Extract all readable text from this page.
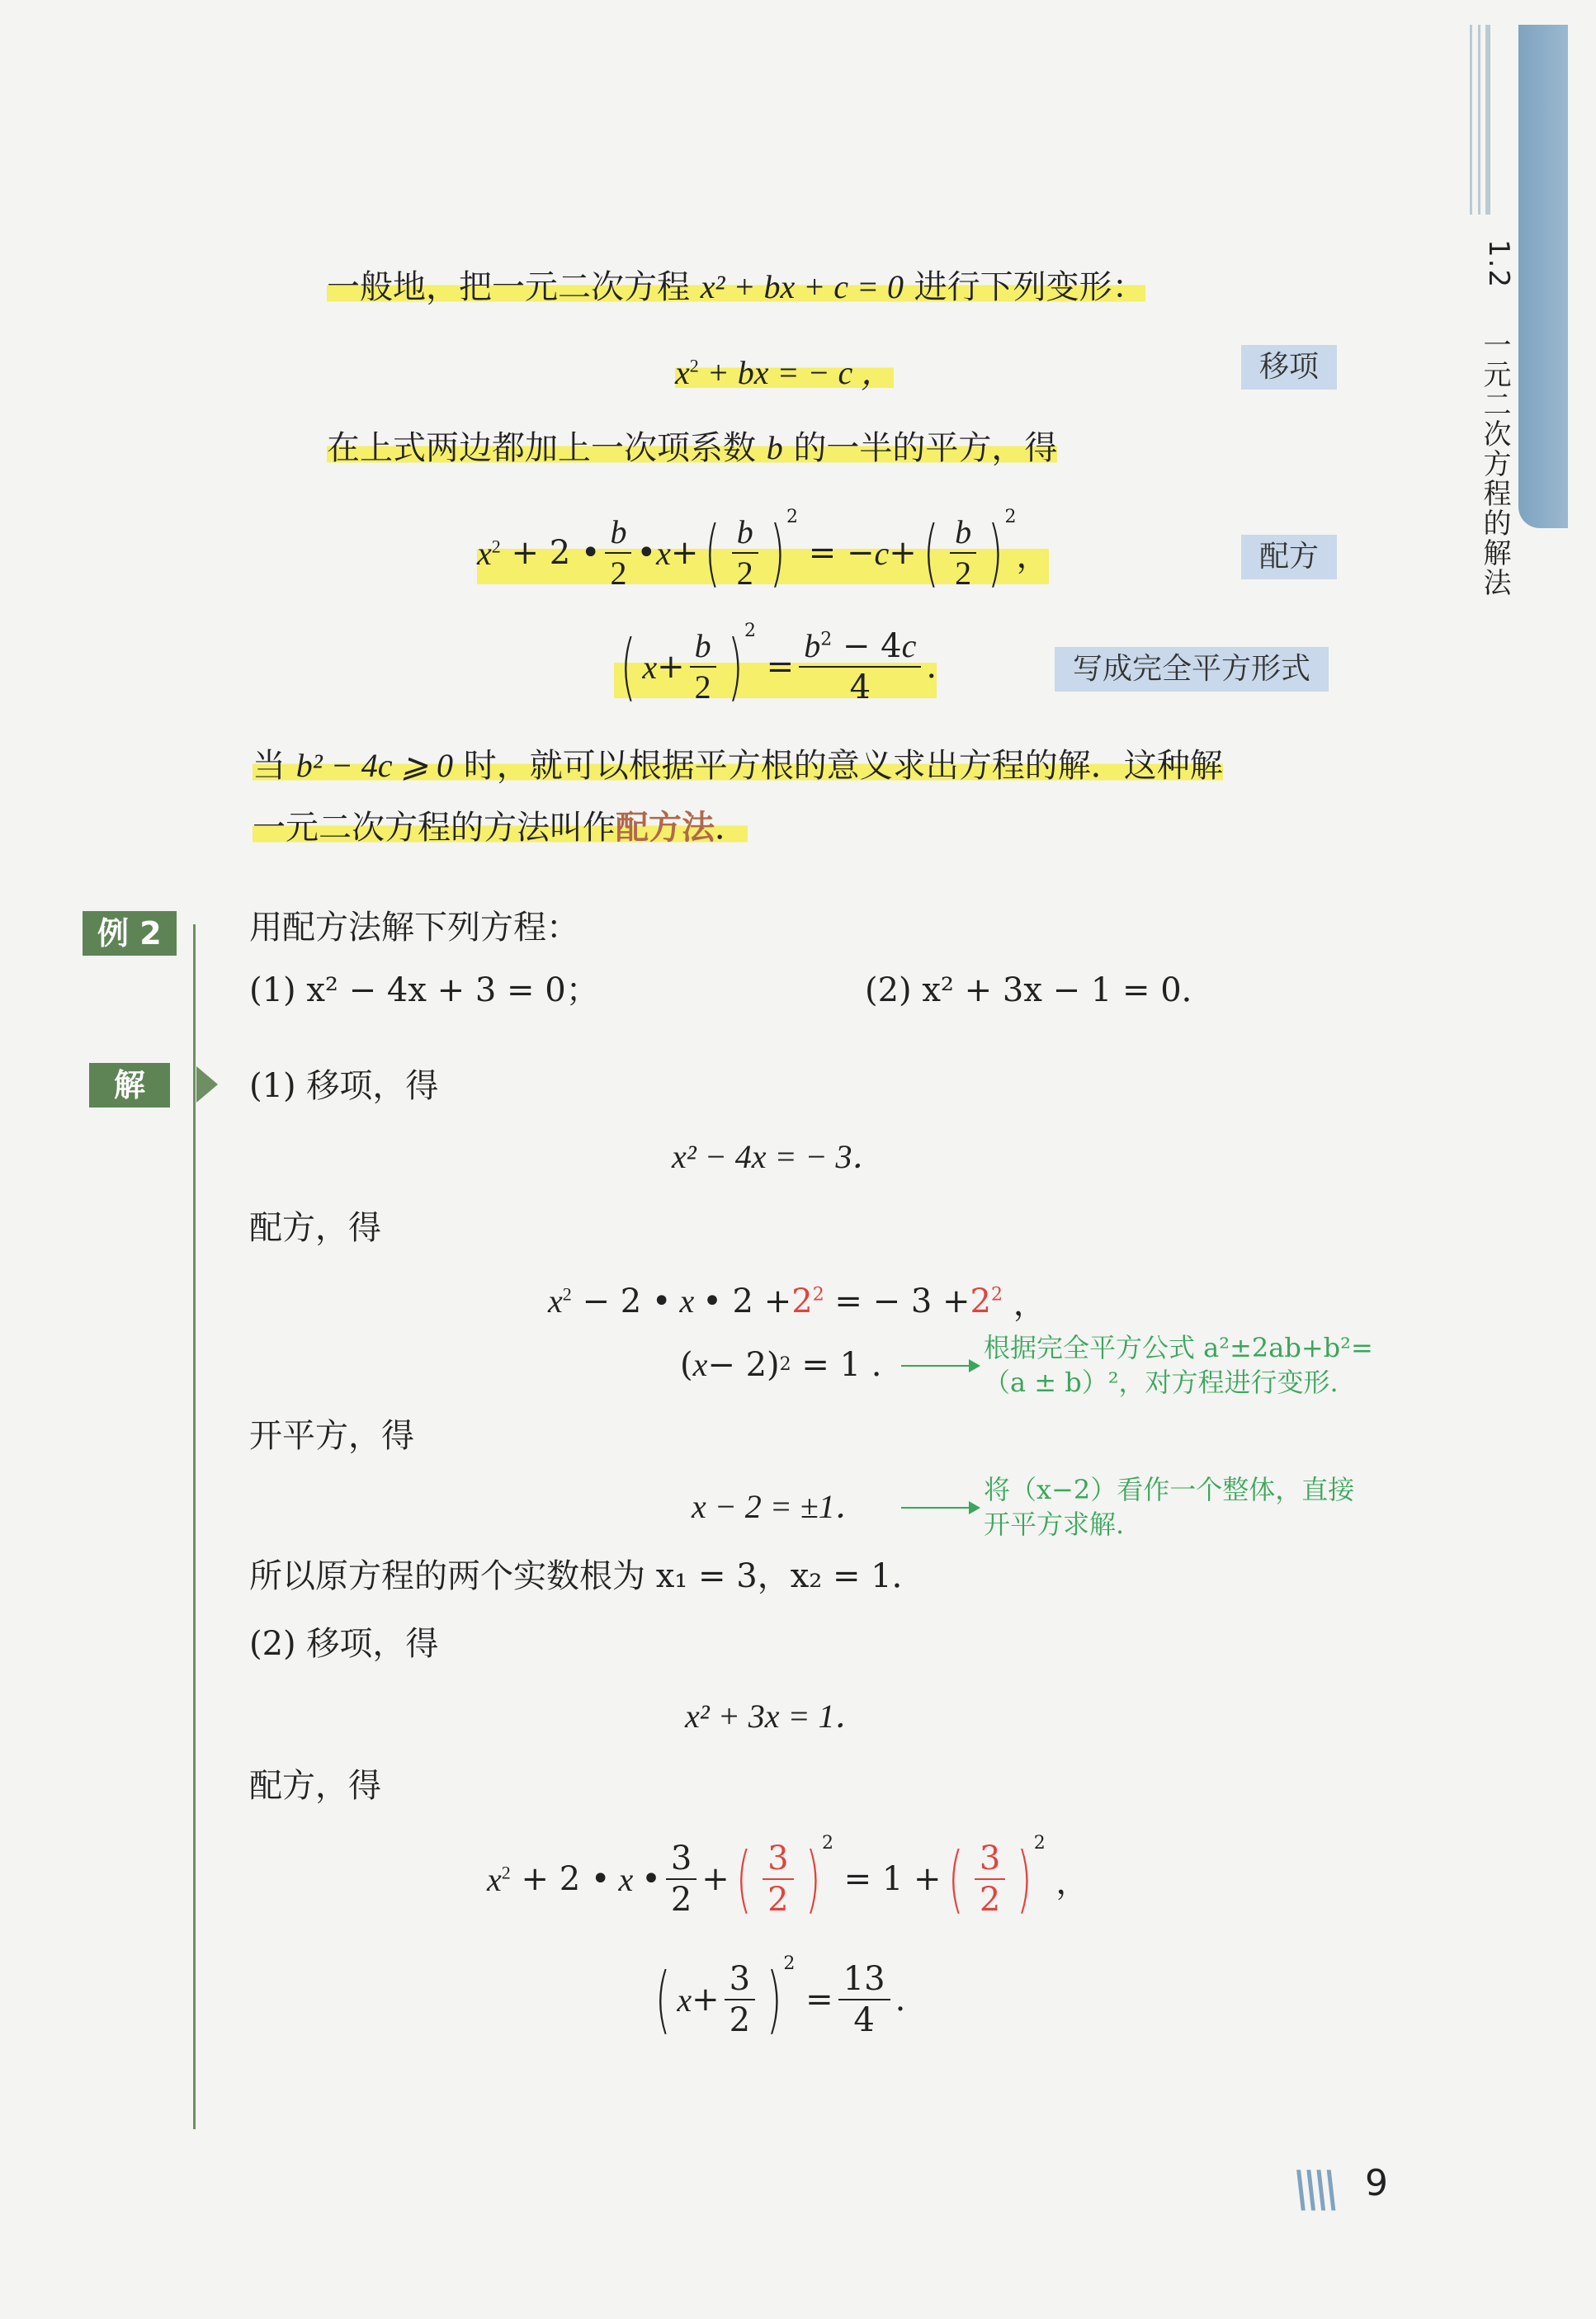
1.2
一元二次方程的解法
一般地，把一元二次方程 x² + bx + c = 0 进行下列变形：
$x^2$ + bx = − c ，	移项
在上式两边都加上一次项系数 b 的一半的平方，得
$x^2 + 2$ • $\frac{b}{2}$ • x + ( $\frac{b}{2}$ ) 2
= − c + ( $\frac{b}{2}$ ) 2
，	配方
( $x + \frac{b}{2}$ ) 2
= $\frac{b^2 - 4c}{4}$ .	写成完全平方形式
当 b² − 4c ⩾ 0 时，就可以根据平方根的意义求出方程的解．这种解
一元二次方程的方法叫作配方法．
例 2	用配方法解下列方程：
(1) x² − 4x + 3 = 0；	(2) x² + 3x − 1 = 0．
解	(1) 移项，得
x² − 4x = − 3．
配方，得
$x^2 - 2$ • x • $2 + 2^2$ = − $3 + 2^2$ ，
( x − 2) 2 = 1 .	根据完全平方公式 a²±2ab+b²=
（a ± b）²，对方程进行变形.
开平方，得
x − 2 = ±1．	将（x−2）看作一个整体，直接
开平方求解.
所以原方程的两个实数根为 x₁ = 3，x₂ = 1．
(2) 移项，得
x² + 3x = 1．
配方，得
$x^2 + 2$ • x • $\frac{3}{2}$ + ( $\frac{3}{2}$ ) 2
= 1 + ( $\frac{3}{2}$ ) 2
，
( $x + \frac{3}{2}$ ) 2
= $\frac{13}{4}$ .
\\\\ 9
